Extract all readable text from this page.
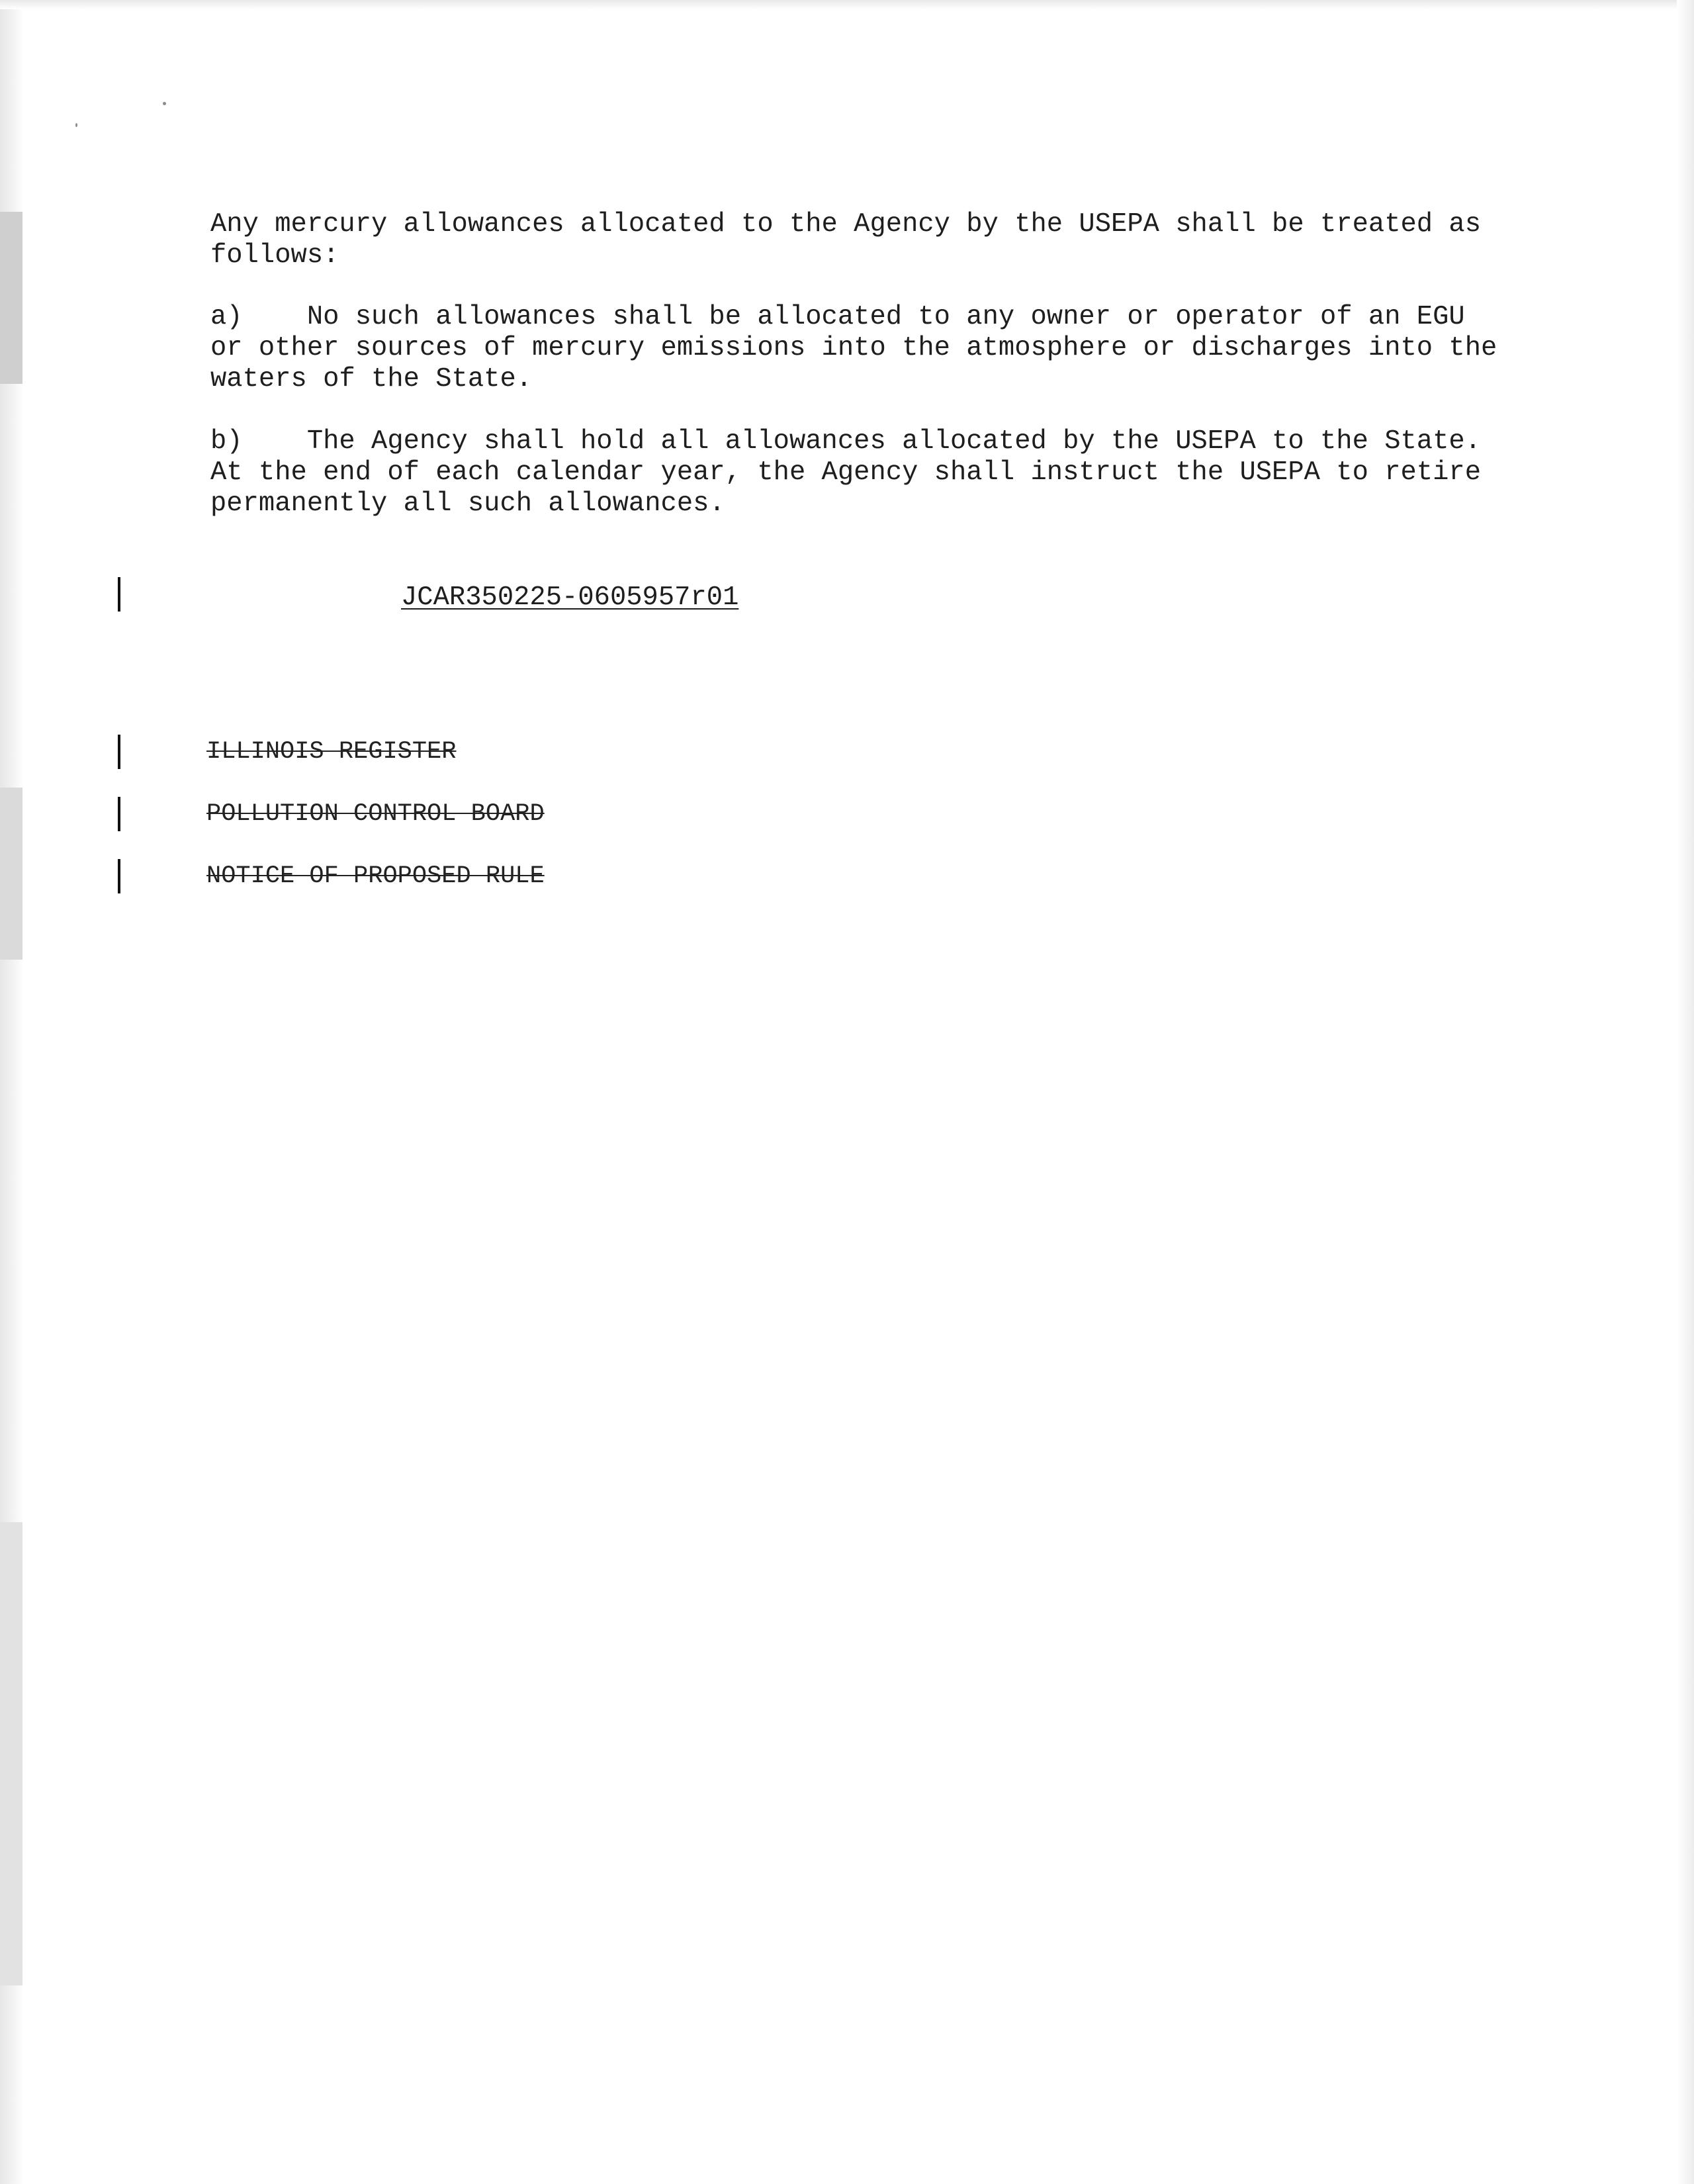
Any mercury allowances allocated to the Agency by the USEPA shall be treated as
follows:
a)    No such allowances shall be allocated to any owner or operator of an EGU
or other sources of mercury emissions into the atmosphere or discharges into the
waters of the State.
b)    The Agency shall hold all allowances allocated by the USEPA to the State.
At the end of each calendar year, the Agency shall instruct the USEPA to retire
permanently all such allowances.
JCAR350225-0605957r01
ILLINOIS REGISTER
POLLUTION CONTROL BOARD
NOTICE OF PROPOSED RULE
